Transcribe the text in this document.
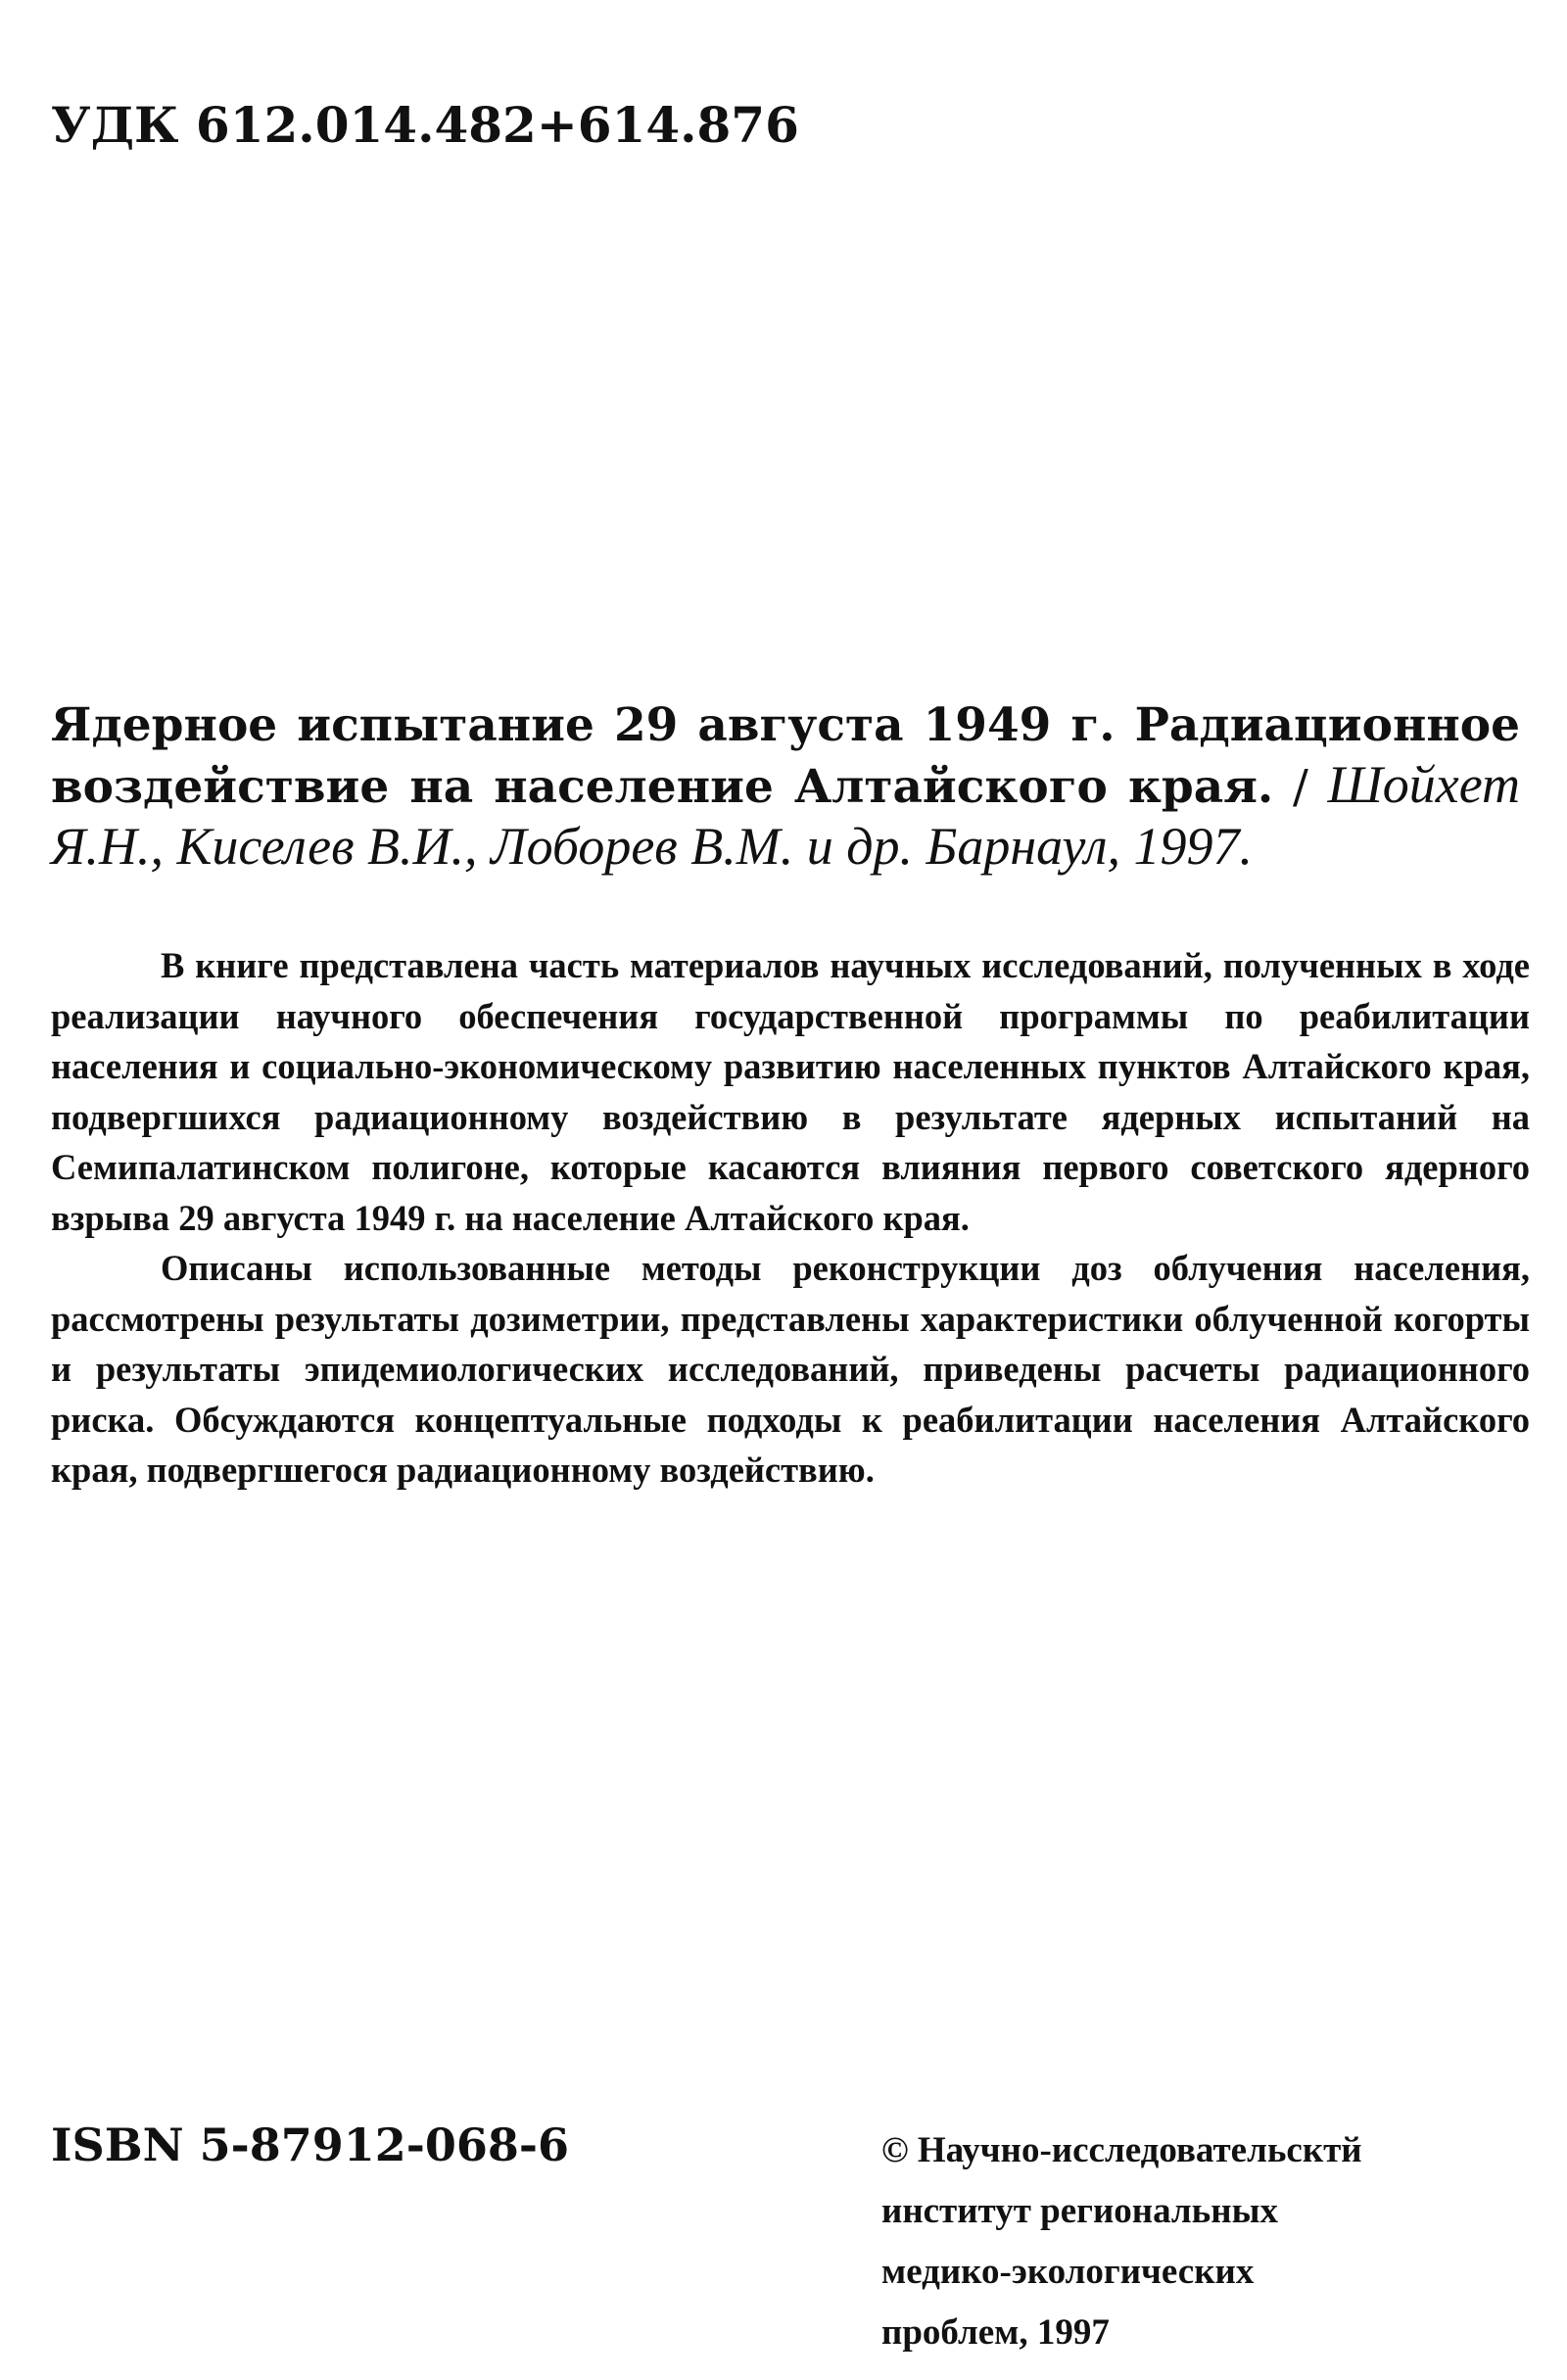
УДК 612.014.482+614.876
Ядерное испытание 29 августа 1949 г. Радиационное воздействие на население Алтайского края. / Шойхет Я.Н., Киселев В.И., Лоборев В.М. и др. Барнаул, 1997.

В книге представлена часть материалов научных исследований, полученных в ходе реализации научного обеспечения государственной программы по реабилитации населения и социально-экономическому развитию населенных пунктов Алтайского края, подвергшихся радиационному воздействию в результате ядерных испытаний на Семипалатинском полигоне, которые касаются влияния первого советского ядерного взрыва 29 августа 1949 г. на население Алтайского края.

Описаны использованные методы реконструкции доз облучения населения, рассмотрены результаты дозиметрии, представлены характеристики облученной когорты и результаты эпидемиологических исследований, приведены расчеты радиационного риска. Обсуждаются концептуальные подходы к реабилитации населения Алтайского края, подвергшегося радиационному воздействию.

ISBN 5-87912-068-6	© Научно-исследовательсктй
институт региональных
медико-экологических
проблем, 1997
